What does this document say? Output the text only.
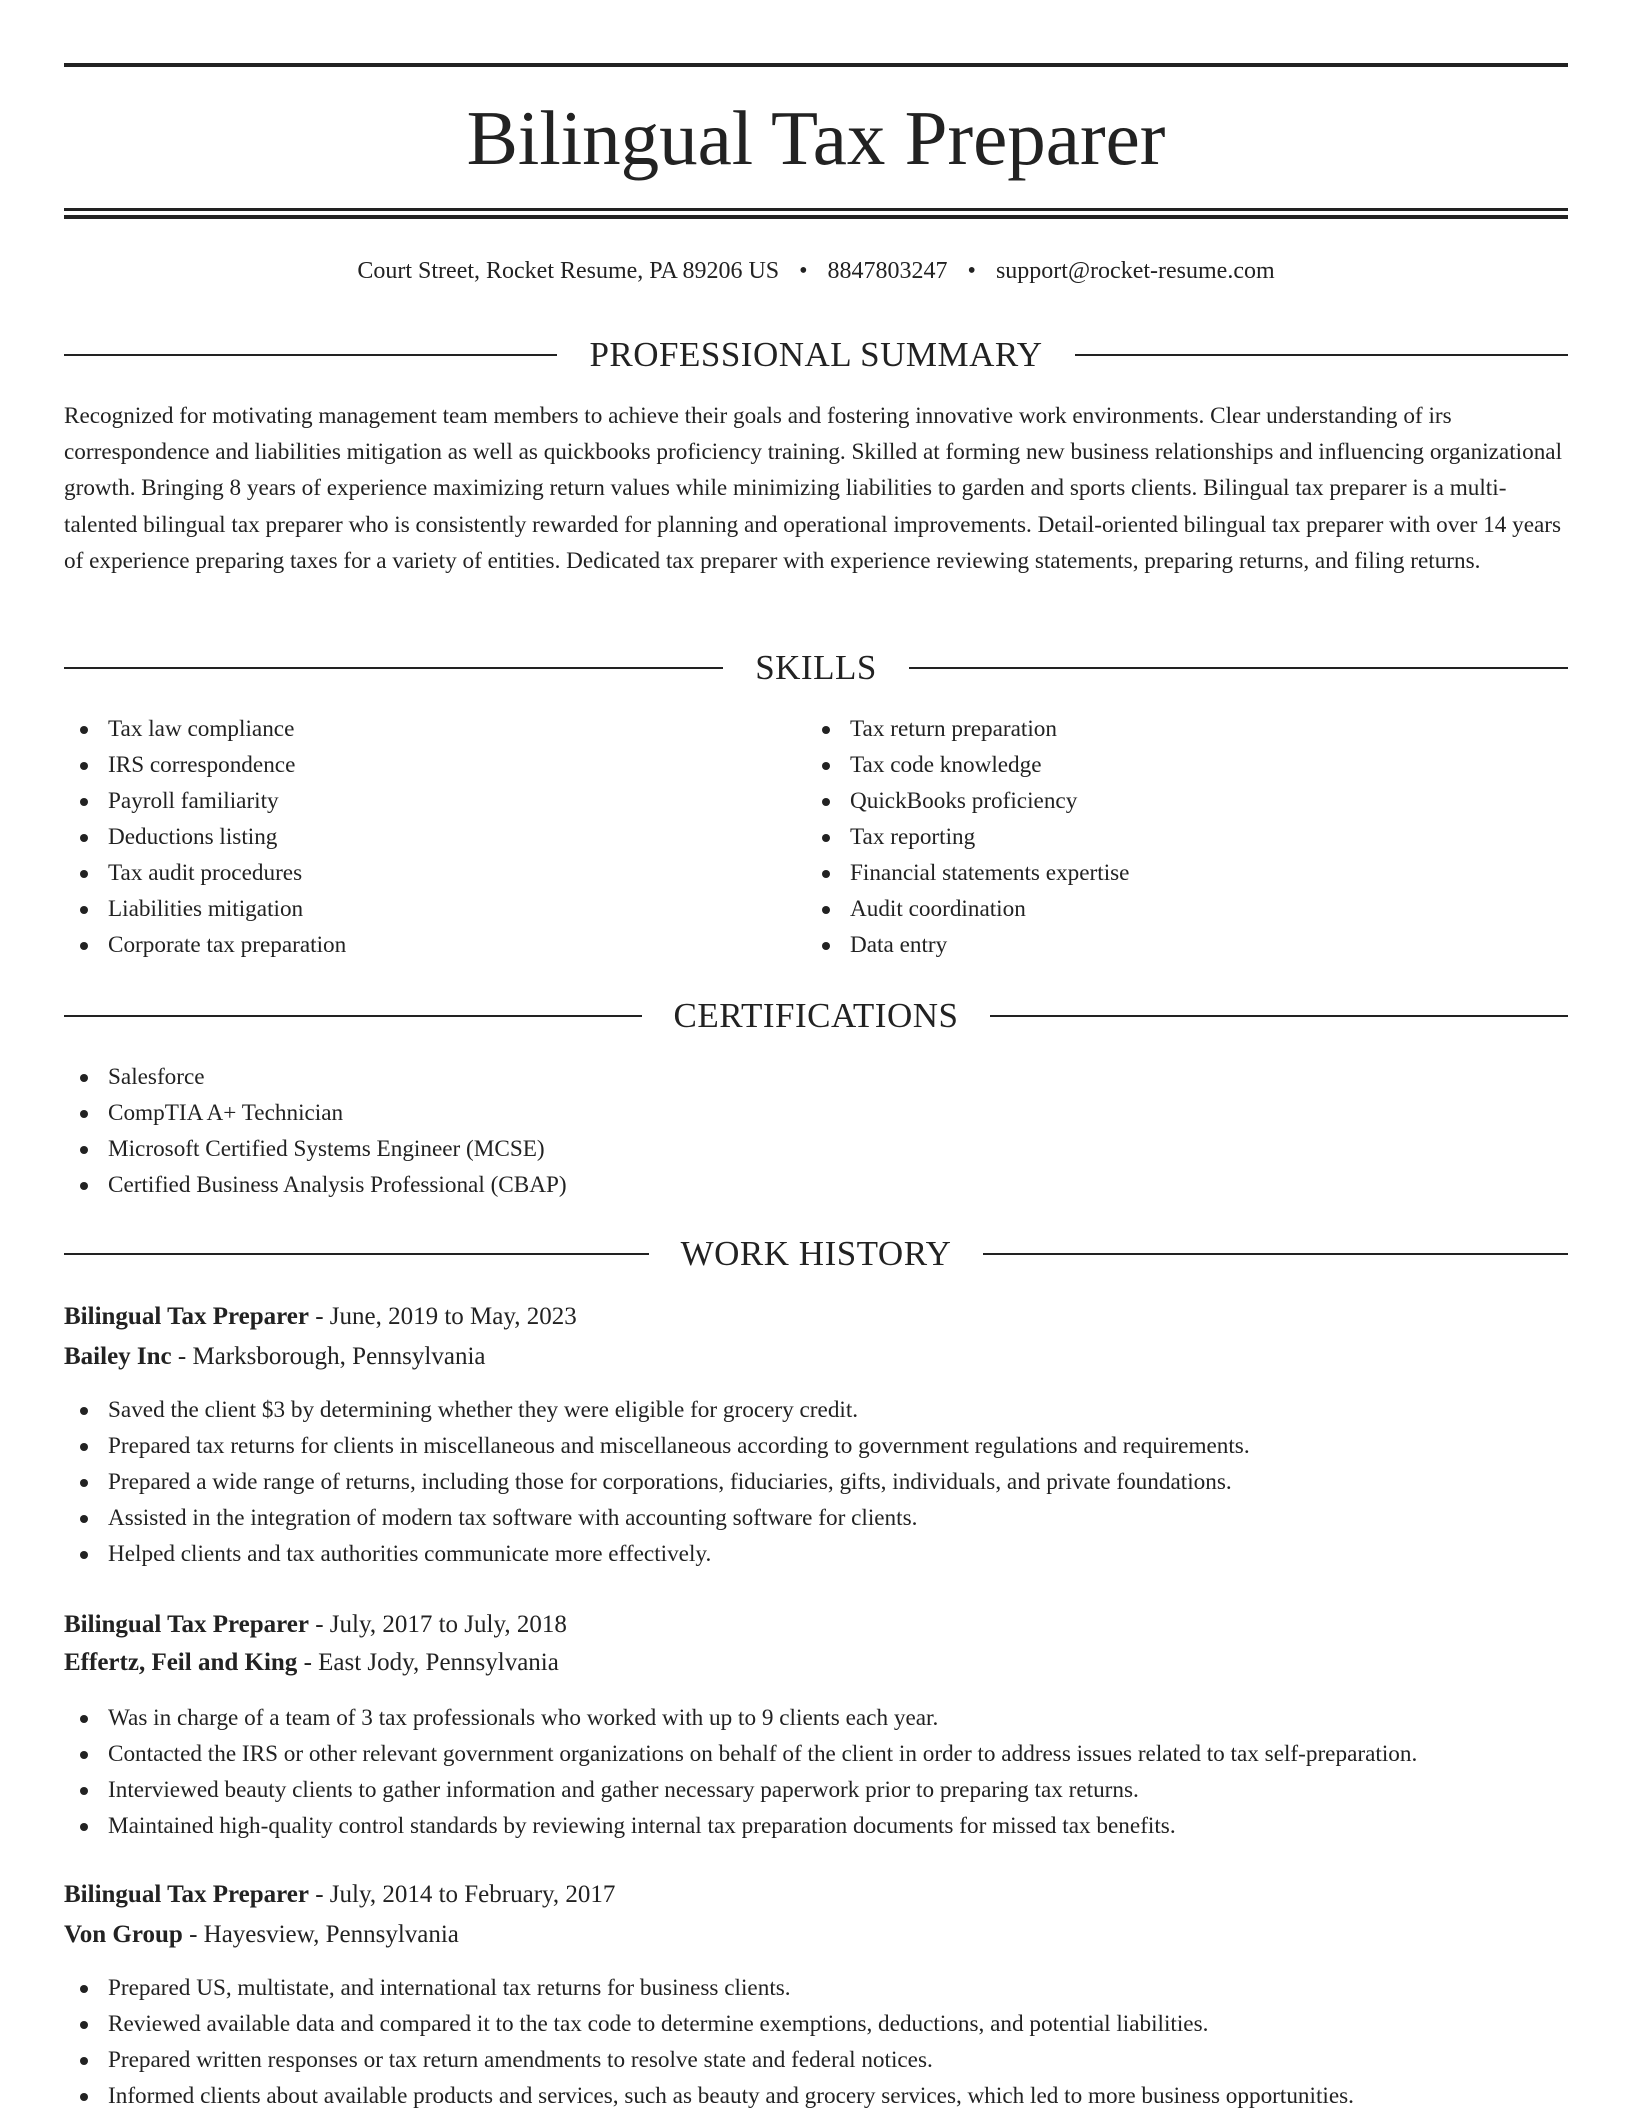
Bilingual Tax Preparer
Court Street, Rocket Resume, PA 89206 US • 8847803247 • support@rocket-resume.com
PROFESSIONAL SUMMARY

Recognized for motivating management team members to achieve their goals and fostering innovative work environments. Clear understanding of irs correspondence and liabilities mitigation as well as quickbooks proficiency training. Skilled at forming new business relationships and influencing organizational growth. Bringing 8 years of experience maximizing return values while minimizing liabilities to garden and sports clients. Bilingual tax preparer is a multi-talented bilingual tax preparer who is consistently rewarded for planning and operational improvements. Detail-oriented bilingual tax preparer with over 14 years of experience preparing taxes for a variety of entities. Dedicated tax preparer with experience reviewing statements, preparing returns, and filing returns.

SKILLS
Tax law compliance
IRS correspondence
Payroll familiarity
Deductions listing
Tax audit procedures
Liabilities mitigation
Corporate tax preparation
Tax return preparation
Tax code knowledge
QuickBooks proficiency
Tax reporting
Financial statements expertise
Audit coordination
Data entry
CERTIFICATIONS
Salesforce
CompTIA A+ Technician
Microsoft Certified Systems Engineer (MCSE)
Certified Business Analysis Professional (CBAP)
WORK HISTORY
Bilingual Tax Preparer - June, 2019 to May, 2023
Bailey Inc - Marksborough, Pennsylvania
Saved the client $3 by determining whether they were eligible for grocery credit.
Prepared tax returns for clients in miscellaneous and miscellaneous according to government regulations and requirements.
Prepared a wide range of returns, including those for corporations, fiduciaries, gifts, individuals, and private foundations.
Assisted in the integration of modern tax software with accounting software for clients.
Helped clients and tax authorities communicate more effectively.
Bilingual Tax Preparer - July, 2017 to July, 2018
Effertz, Feil and King - East Jody, Pennsylvania
Was in charge of a team of 3 tax professionals who worked with up to 9 clients each year.
Contacted the IRS or other relevant government organizations on behalf of the client in order to address issues related to tax self-preparation.
Interviewed beauty clients to gather information and gather necessary paperwork prior to preparing tax returns.
Maintained high-quality control standards by reviewing internal tax preparation documents for missed tax benefits.
Bilingual Tax Preparer - July, 2014 to February, 2017
Von Group - Hayesview, Pennsylvania
Prepared US, multistate, and international tax returns for business clients.
Reviewed available data and compared it to the tax code to determine exemptions, deductions, and potential liabilities.
Prepared written responses or tax return amendments to resolve state and federal notices.
Informed clients about available products and services, such as beauty and grocery services, which led to more business opportunities.
